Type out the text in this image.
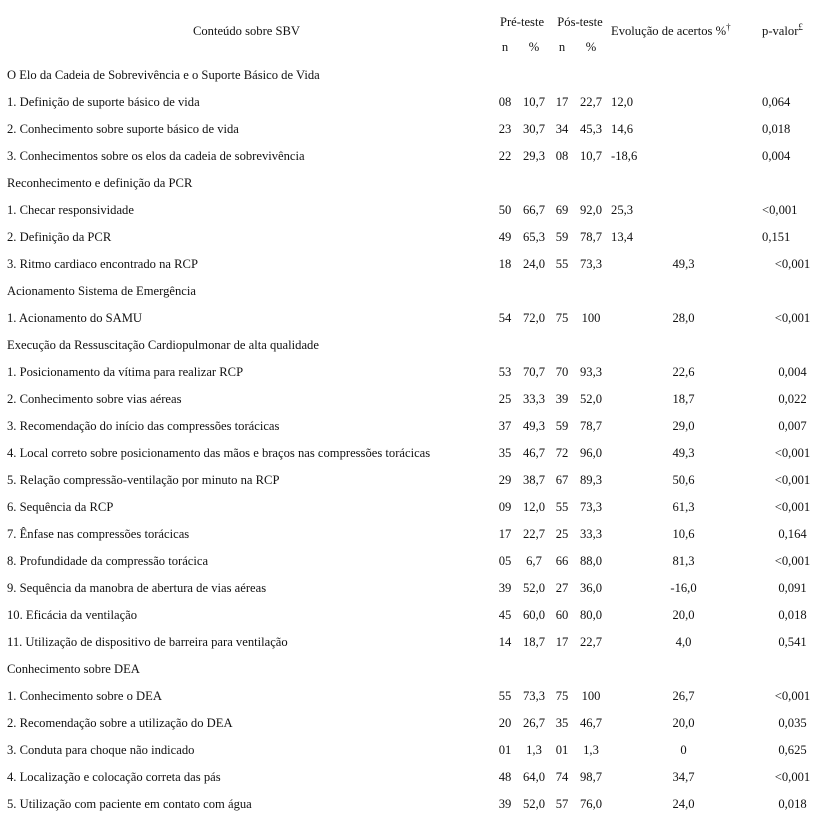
Conteúdo sobre SBV	Pré-teste		Pós-teste		Evolução de acertos %†	p-valor£
	n	%	n	%		
O Elo da Cadeia de Sobrevivência e o Suporte Básico de Vida						
1. Definição de suporte básico de vida	08	10,7	17	22,7	12,0	0,064
2. Conhecimento sobre suporte básico de vida	23	30,7	34	45,3	14,6	0,018
3. Conhecimentos sobre os elos da cadeia de sobrevivência	22	29,3	08	10,7	-18,6	0,004
Reconhecimento e definição da PCR						
1. Checar responsividade	50	66,7	69	92,0	25,3	<0,001
2. Definição da PCR	49	65,3	59	78,7	13,4	0,151
3. Ritmo cardiaco encontrado na RCP	18	24,0	55	73,3	49,3	<0,001
Acionamento Sistema de Emergência						
1. Acionamento do SAMU	54	72,0	75	100	28,0	<0,001
Execução da Ressuscitação Cardiopulmonar de alta qualidade						
1. Posicionamento da vítima para realizar RCP	53	70,7	70	93,3	22,6	0,004
2. Conhecimento sobre vias aéreas	25	33,3	39	52,0	18,7	0,022
3. Recomendação do início das compressões torácicas	37	49,3	59	78,7	29,0	0,007
4. Local correto sobre posicionamento das mãos e braços nas compressões torácicas	35	46,7	72	96,0	49,3	<0,001
5. Relação compressão-ventilação por minuto na RCP	29	38,7	67	89,3	50,6	<0,001
6. Sequência da RCP	09	12,0	55	73,3	61,3	<0,001
7. Ênfase nas compressões torácicas	17	22,7	25	33,3	10,6	0,164
8. Profundidade da compressão torácica	05	6,7	66	88,0	81,3	<0,001
9. Sequência da manobra de abertura de vias aéreas	39	52,0	27	36,0	-16,0	0,091
10. Eficácia da ventilação	45	60,0	60	80,0	20,0	0,018
11. Utilização de dispositivo de barreira para ventilação	14	18,7	17	22,7	4,0	0,541
Conhecimento sobre DEA						
1. Conhecimento sobre o DEA	55	73,3	75	100	26,7	<0,001
2. Recomendação sobre a utilização do DEA	20	26,7	35	46,7	20,0	0,035
3. Conduta para choque não indicado	01	1,3	01	1,3	0	0,625
4. Localização e colocação correta das pás	48	64,0	74	98,7	34,7	<0,001
5. Utilização com paciente em contato com água	39	52,0	57	76,0	24,0	0,018
